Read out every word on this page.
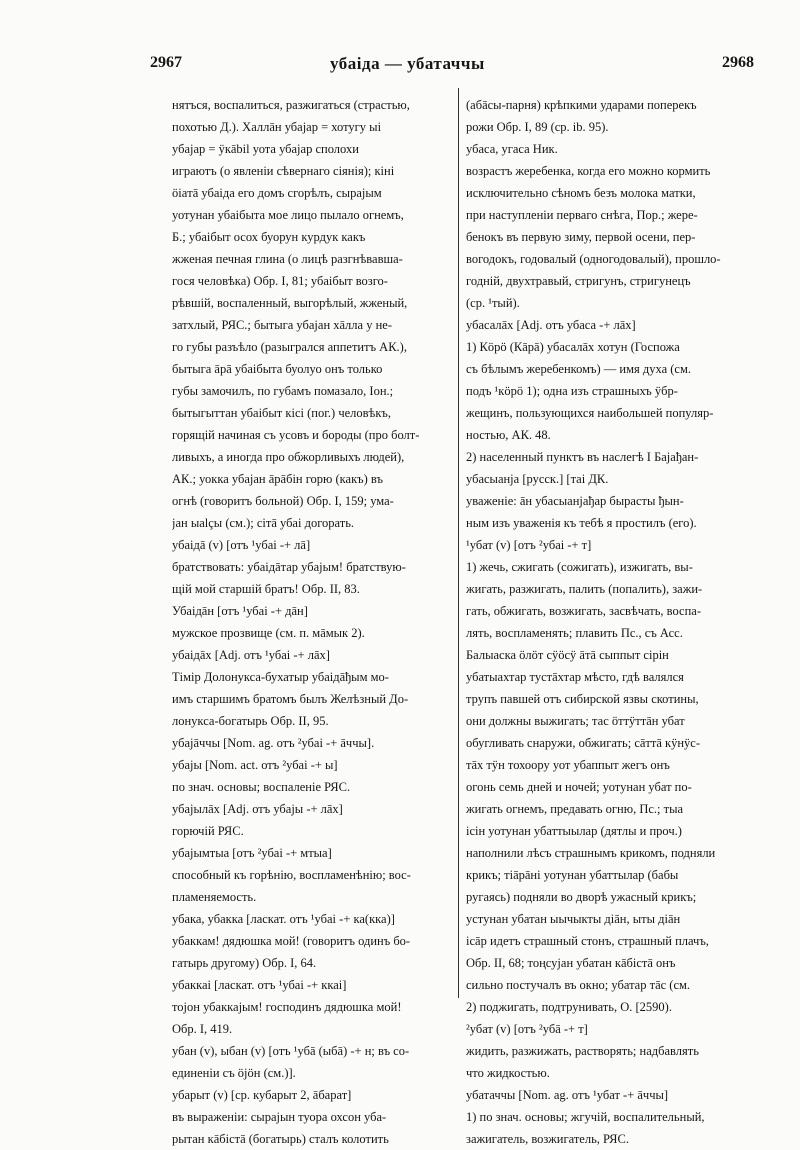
2967	убаiда — убатаччы	2968
нятъся, воспалиться, разжигаться (страстью,
похотью Д.). Халлāн убаjар = хотугу ыi
убаjар = ӱкābil уота убаjар сполохи
играютъ (о явленiи сѣвернаго сiянiя); кiнi
öiaтā убаiда его домъ сгорѣлъ, сыраjым
уотунан убаiбыта мое лицо пылало огнемъ,
Б.; убаiбыт осох буорун курдук какъ
жженая печная глина (о лицѣ разгнѣвавша-
гося человѣка) Обр. I, 81; убаiбыт возго-
рѣвшiй, воспаленный, выгорѣлый, жженый,
затхлый, РЯС.; бытыга убаjан хāлла у не-
го губы разъѣло (разыгрался аппетитъ АК.),
бытыга āрā убаiбыта буолуо онъ только
губы замочилъ, по губамъ помазало, Iон.;
бытыгыттан убаiбыт кiсi (пог.) человѣкъ,
горящiй начиная съ усовъ и бороды (про болт-
ливыхъ, а иногда про обжорливыхъ людей),
АК.; уокка убаjан āрāбiн горю (какъ) въ
огнѣ (говоритъ больной) Обр. I, 159; ума-
jан ыаlçы (см.); сiтā убаi догорать.
убаiдā (v) [отъ ¹убаi -+ лā]
братствовать: убаiдāтар убаjым! братствую-
щiй мой старшiй братъ! Обр. II, 83.
Убаiдāн [отъ ¹убаi -+ дāн]
мужское прозвище (см. п. мāмык 2).
убаiдāх [Adj. отъ ¹убаi -+ лāх]
Тiмiр Долонукса-бухатыр убаiдāђым мо-
имъ старшимъ братомъ былъ Желѣзный До-
лонукса-богатырь Обр. II, 95.
убаjāччы [Nom. ag. отъ ²убаi -+ āччы].
убаjы [Nom. act. отъ ²убаi -+ ы]
по знач. основы; воспаленiе РЯС.
убаjылāх [Adj. отъ убаjы -+ лāх]
горючiй РЯС.
убаjымтыа [отъ ²убаi -+ мтыа]
способный къ горѣнiю, воспламенѣнiю; вос-
пламеняемость.
убака, убакка [ласкат. отъ ¹убаi -+ ка(кка)]
убаккам! дядюшка мой! (говоритъ одинъ бо-
гатырь другому) Обр. I, 64.
убаккаi [ласкат. отъ ¹убаi -+ ккаi]
тојон убаккаjым! господинъ дядюшка мой!
Обр. I, 419.
убан (v), ыбан (v) [отъ ¹убā (ыбā) -+ н; въ со-
единенiи съ öjöн (см.)].
убарыт (v) [ср. кубарыт 2, āбарат]
въ выраженiи: сыраjын туора охсон уба-
рытан кāбiстā (богатырь) сталъ колотить
(абāсы-парня) крѣпкими ударами поперекъ
рожи Обр. I, 89 (ср. ib. 95).
убаса, угаса Ник.
возрастъ жеребенка, когда его можно кормить
исключительно сѣномъ безъ молока матки,
при наступленiи перваго снѣга, Пор.; жере-
бенокъ въ первую зиму, первой осени, пер-
вогодокъ, годовалый (одногодовалый), прошло-
годнiй, двухтравый, стригунъ, стригунецъ
(ср. ¹тый).
убасалāх [Adj. отъ убаса -+ лāх]
1) Кöрö (Кāрā) убасалāх хотун (Госпожа
съ бѣлымъ жеребенкомъ) — имя духа (см.
подъ ¹кöрö 1); одна изъ страшныхъ ӱбр-
жещинъ, пользующихся наибольшей популяр-
ностью, АК. 48.
2) населенный пунктъ въ наслегѣ I Баjађан-
убасыанjа [русск.] [таi ДК.
уваженiе: āн убасыанjађар бырасты ђын-
ным изъ уваженiя къ тебѣ я простилъ (его).
¹убат (v) [отъ ²убаi -+ т]
1) жечь, сжигать (сожигать), изжигать, вы-
жигать, разжигать, палить (попалить), зажи-
гать, обжигать, возжигать, засвѣчать, воспа-
лять, воспламенять; плавить Пс., съ Асс.
Балыаска öлöт сӱöсӱ āтā сыппыт сiрiн
убатыахтар тустāхтар мѣсто, гдѣ валялся
трупъ павшей отъ сибирской язвы скотины,
они должны выжигать; тас öттӱттāн убат
обугливать снаружи, обжигать; сāттā кӱнӱс-
тāх тӱн тохоору уот убаппыт жегъ онъ
огонь семь дней и ночей; уотунан убат по-
жигать огнемъ, предавать огню, Пс.; тыа
iсiн уотунан убаттыылар (дятлы и проч.)
наполнили лѣсъ страшнымъ крикомъ, подняли
крикъ; тiāрāнi уотунан убаттылар (бабы
ругаясь) подняли во дворѣ ужасный крикъ;
устунан убатан ыычыкты дiāн, ыты дiāн
iсāр идетъ страшный стонъ, страшный плачъ,
Обр. II, 68; тоңсуjан убатан кāбiстā онъ
сильно постучалъ въ окно; убатар тāс (см.
2) поджигать, подтрунивать, О. [2590).
²убат (v) [отъ ²убā -+ т]
жидить, разжижать, растворять; надбавлять
что жидкостью.
убатаччы [Nom. ag. отъ ¹убат -+ āччы]
1) по знач. основы; жгучiй, воспалительный,
зажигатель, возжигатель, РЯС.
